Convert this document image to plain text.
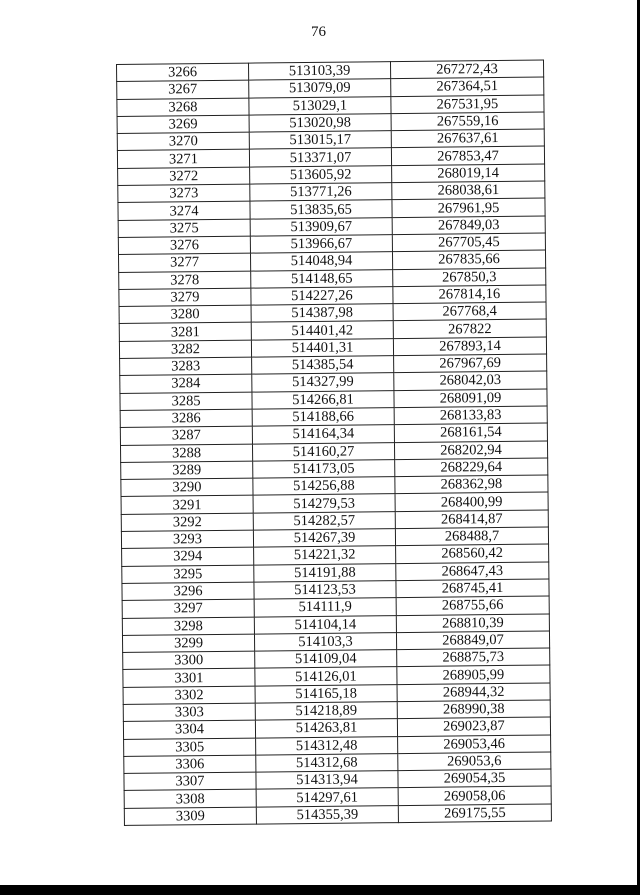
76
3266	513103,39	267272,43
3267	513079,09	267364,51
3268	513029,1	267531,95
3269	513020,98	267559,16
3270	513015,17	267637,61
3271	513371,07	267853,47
3272	513605,92	268019,14
3273	513771,26	268038,61
3274	513835,65	267961,95
3275	513909,67	267849,03
3276	513966,67	267705,45
3277	514048,94	267835,66
3278	514148,65	267850,3
3279	514227,26	267814,16
3280	514387,98	267768,4
3281	514401,42	267822
3282	514401,31	267893,14
3283	514385,54	267967,69
3284	514327,99	268042,03
3285	514266,81	268091,09
3286	514188,66	268133,83
3287	514164,34	268161,54
3288	514160,27	268202,94
3289	514173,05	268229,64
3290	514256,88	268362,98
3291	514279,53	268400,99
3292	514282,57	268414,87
3293	514267,39	268488,7
3294	514221,32	268560,42
3295	514191,88	268647,43
3296	514123,53	268745,41
3297	514111,9	268755,66
3298	514104,14	268810,39
3299	514103,3	268849,07
3300	514109,04	268875,73
3301	514126,01	268905,99
3302	514165,18	268944,32
3303	514218,89	268990,38
3304	514263,81	269023,87
3305	514312,48	269053,46
3306	514312,68	269053,6
3307	514313,94	269054,35
3308	514297,61	269058,06
3309	514355,39	269175,55
